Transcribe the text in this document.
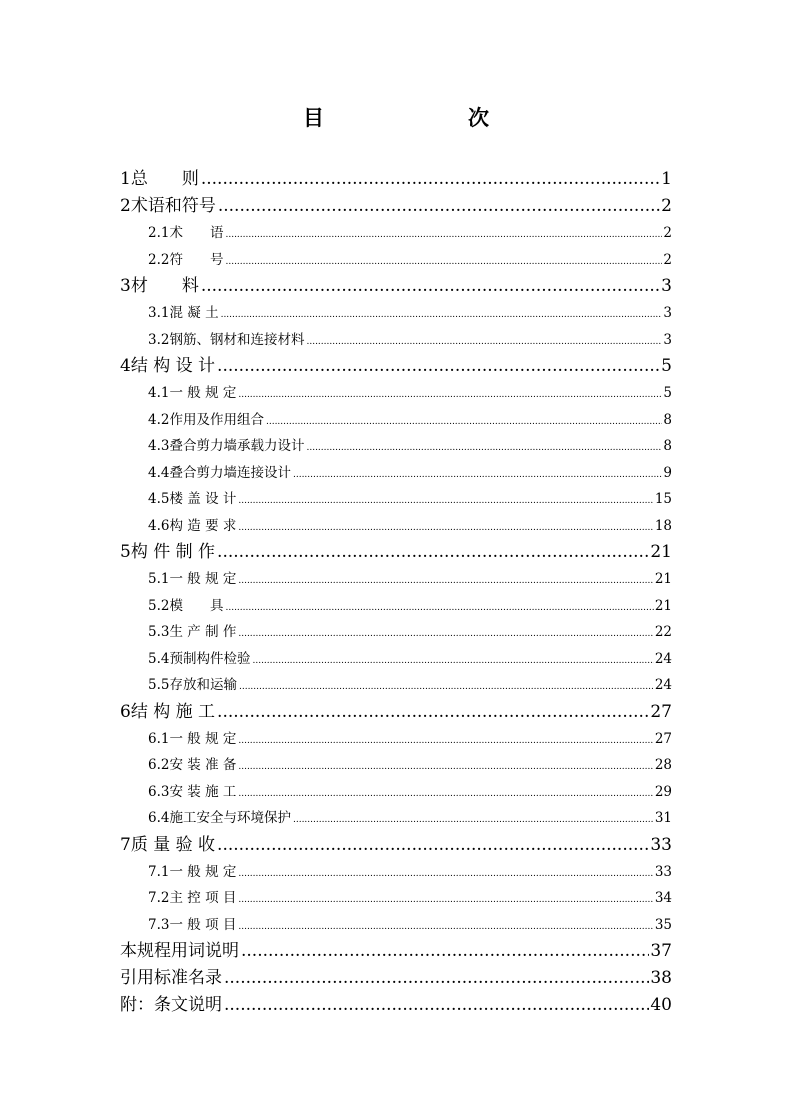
目　　次
1 总　　则 .....	1
2 术语和符号 .....	2
2.1 术　　语 .....	2
2.2 符　　号 .....	2
3 材　　料 .....	3
3.1 混 凝 土 .....	3
3.2 钢筋、钢材和连接材料 .....	3
4 结 构 设 计 .....	5
4.1 一 般 规 定 .....	5
4.2 作用及作用组合 .....	8
4.3 叠合剪力墙承载力设计 .....	8
4.4 叠合剪力墙连接设计 .....	9
4.5 楼 盖 设 计 .....	15
4.6 构 造 要 求 .....	18
5 构 件 制 作 .....	21
5.1 一 般 规 定 .....	21
5.2 模　　具 .....	21
5.3 生 产 制 作 .....	22
5.4 预制构件检验 .....	24
5.5 存放和运输 .....	24
6 结 构 施 工 .....	27
6.1 一 般 规 定 .....	27
6.2 安 装 准 备 .....	28
6.3 安 装 施 工 .....	29
6.4 施工安全与环境保护 .....	31
7 质 量 验 收 .....	33
7.1 一 般 规 定 .....	33
7.2 主 控 项 目 .....	34
7.3 一 般 项 目 .....	35
本规程用词说明 .....	37
引用标准名录 .....	38
附：条文说明 .....	40
